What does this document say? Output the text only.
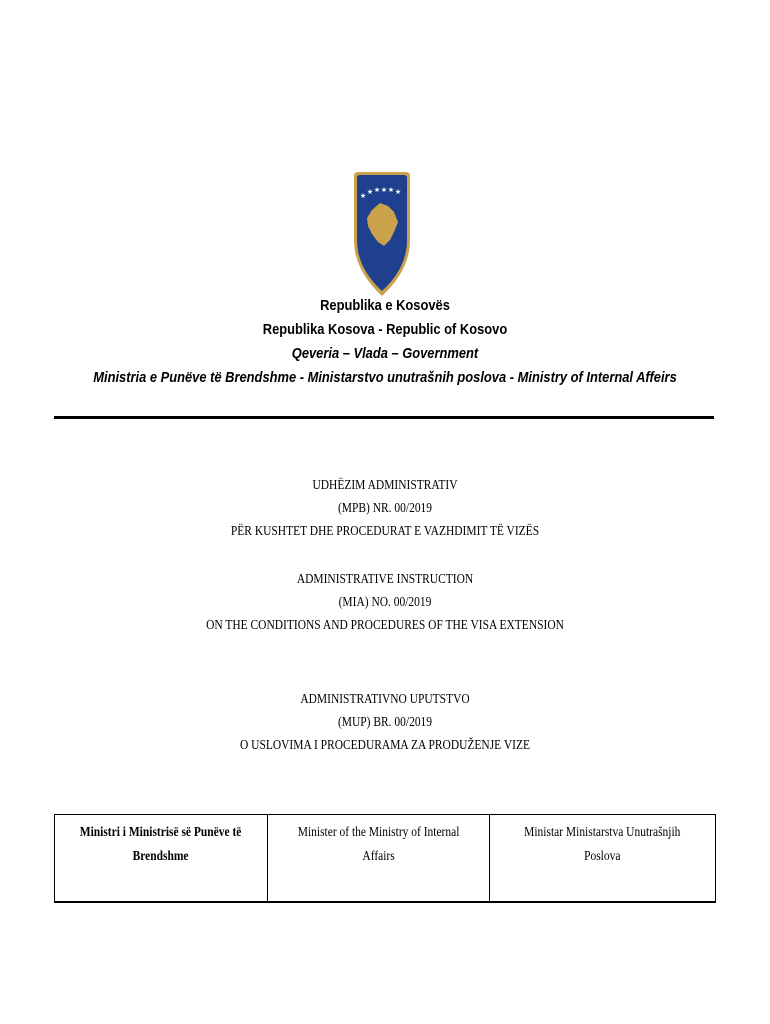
★ ★ ★ ★ ★ ★
Republika e Kosovës
Republika Kosova - Republic of Kosovo
Qeveria – Vlada – Government
Ministria e Punëve të Brendshme - Ministarstvo unutrašnih poslova - Ministry of Internal Affeirs
UDHËZIM ADMINISTRATIV
(MPB) NR. 00/2019
PËR KUSHTET DHE PROCEDURAT E VAZHDIMIT TË VIZËS
ADMINISTRATIVE INSTRUCTION
(MIA) NO. 00/2019
ON THE CONDITIONS AND PROCEDURES OF THE VISA EXTENSION
ADMINISTRATIVNO UPUTSTVO
(MUP) BR. 00/2019
O USLOVIMA I PROCEDURAMA ZA PRODUŽENJE VIZE
Ministri i Ministrisë së Punëve të
Brendshme
Minister of the Ministry of Internal
Affairs
Ministar Ministarstva Unutrašnjih
Poslova
